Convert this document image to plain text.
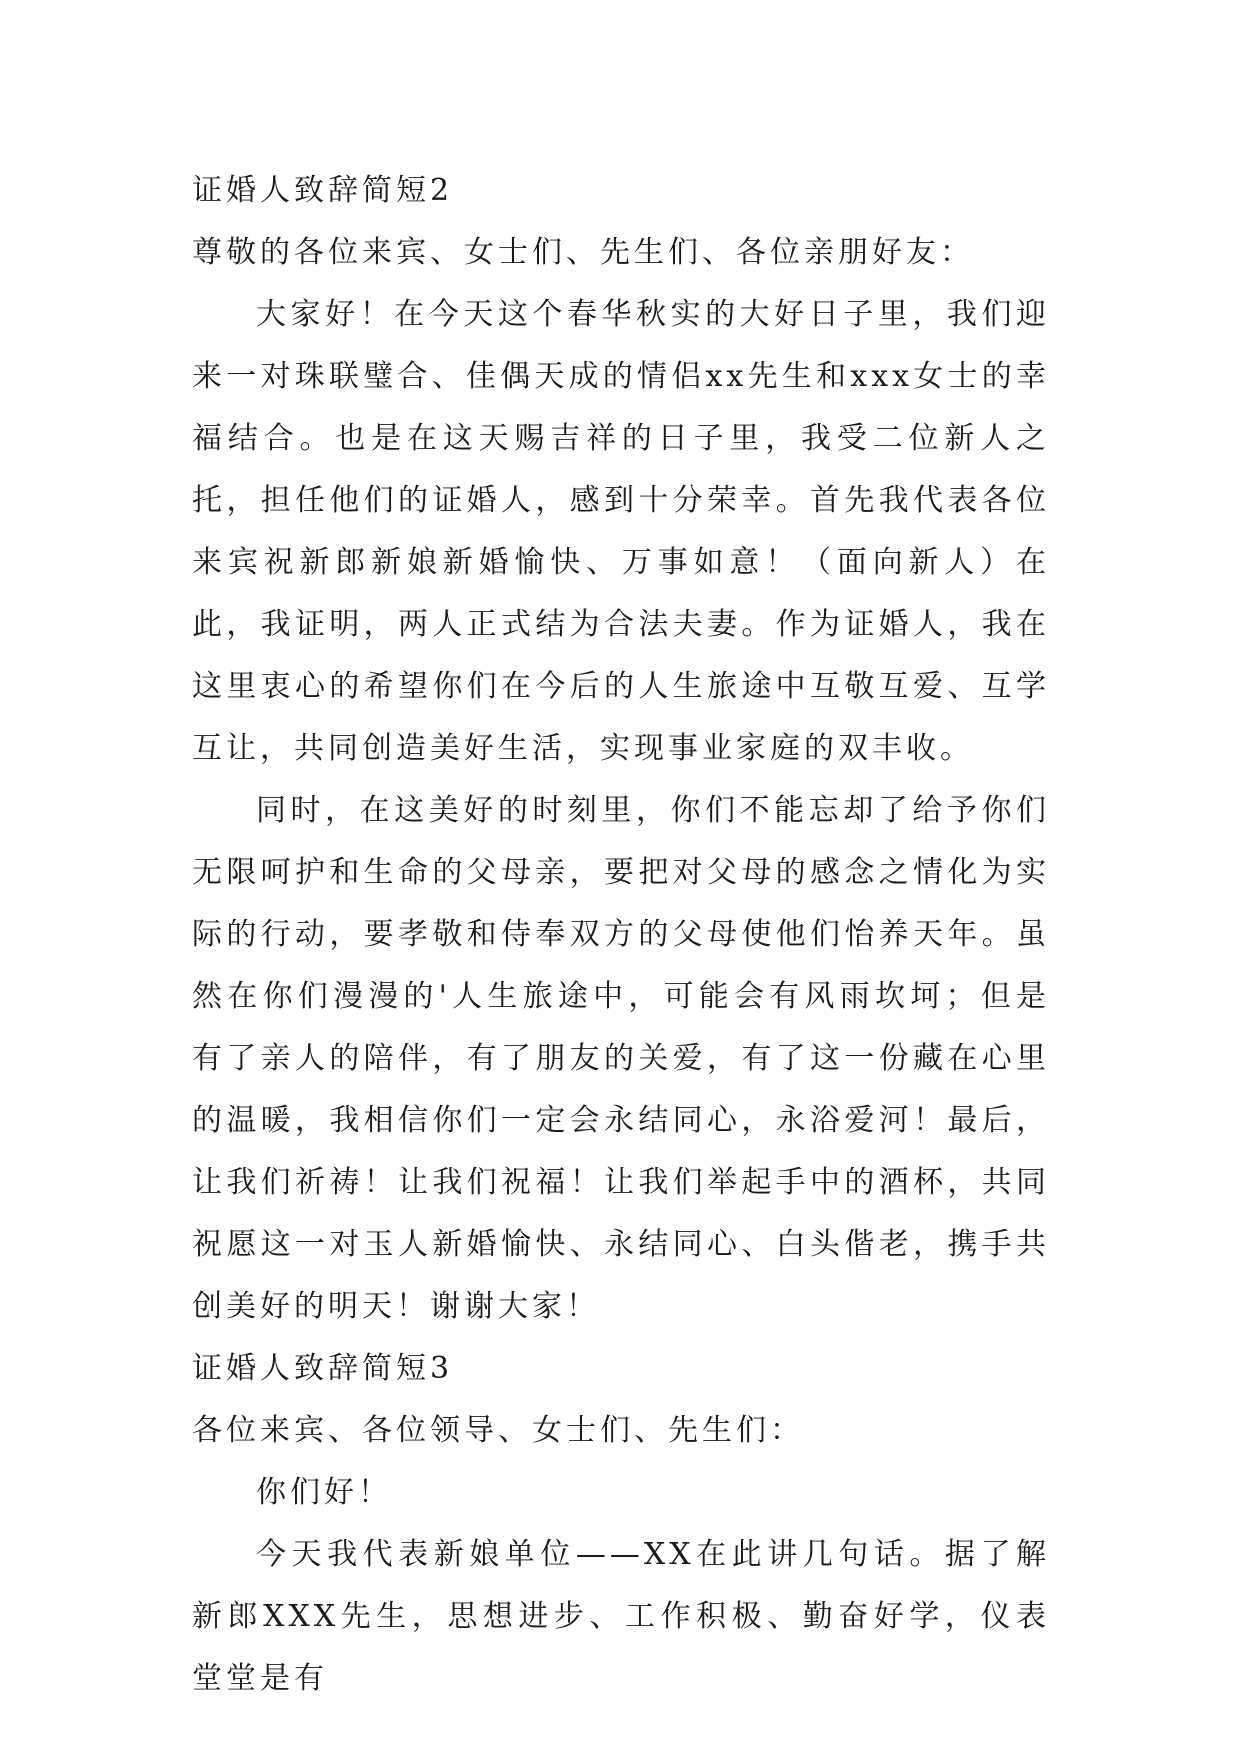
证婚人致辞简短2

尊敬的各位来宾、女士们、先生们、各位亲朋好友：

大家好！在今天这个春华秋实的大好日子里，我们迎来一对珠联璧合、佳偶天成的情侣xx先生和xxx女士的幸福结合。也是在这天赐吉祥的日子里，我受二位新人之托，担任他们的证婚人，感到十分荣幸。首先我代表各位来宾祝新郎新娘新婚愉快、万事如意！（面向新人）在此，我证明，两人正式结为合法夫妻。作为证婚人，我在这里衷心的希望你们在今后的人生旅途中互敬互爱、互学互让，共同创造美好生活，实现事业家庭的双丰收。

同时，在这美好的时刻里，你们不能忘却了给予你们无限呵护和生命的父母亲，要把对父母的感念之情化为实际的行动，要孝敬和侍奉双方的父母使他们怡养天年。虽然在你们漫漫的'人生旅途中，可能会有风雨坎坷；但是有了亲人的陪伴，有了朋友的关爱，有了这一份藏在心里的温暖，我相信你们一定会永结同心，永浴爱河！最后，让我们祈祷！让我们祝福！让我们举起手中的酒杯，共同祝愿这一对玉人新婚愉快、永结同心、白头偕老，携手共创美好的明天！谢谢大家！

证婚人致辞简短3

各位来宾、各位领导、女士们、先生们：

你们好！

今天我代表新娘单位——XX在此讲几句话。据了解新郎XXX先生，思想进步、工作积极、勤奋好学，仪表堂堂是有
